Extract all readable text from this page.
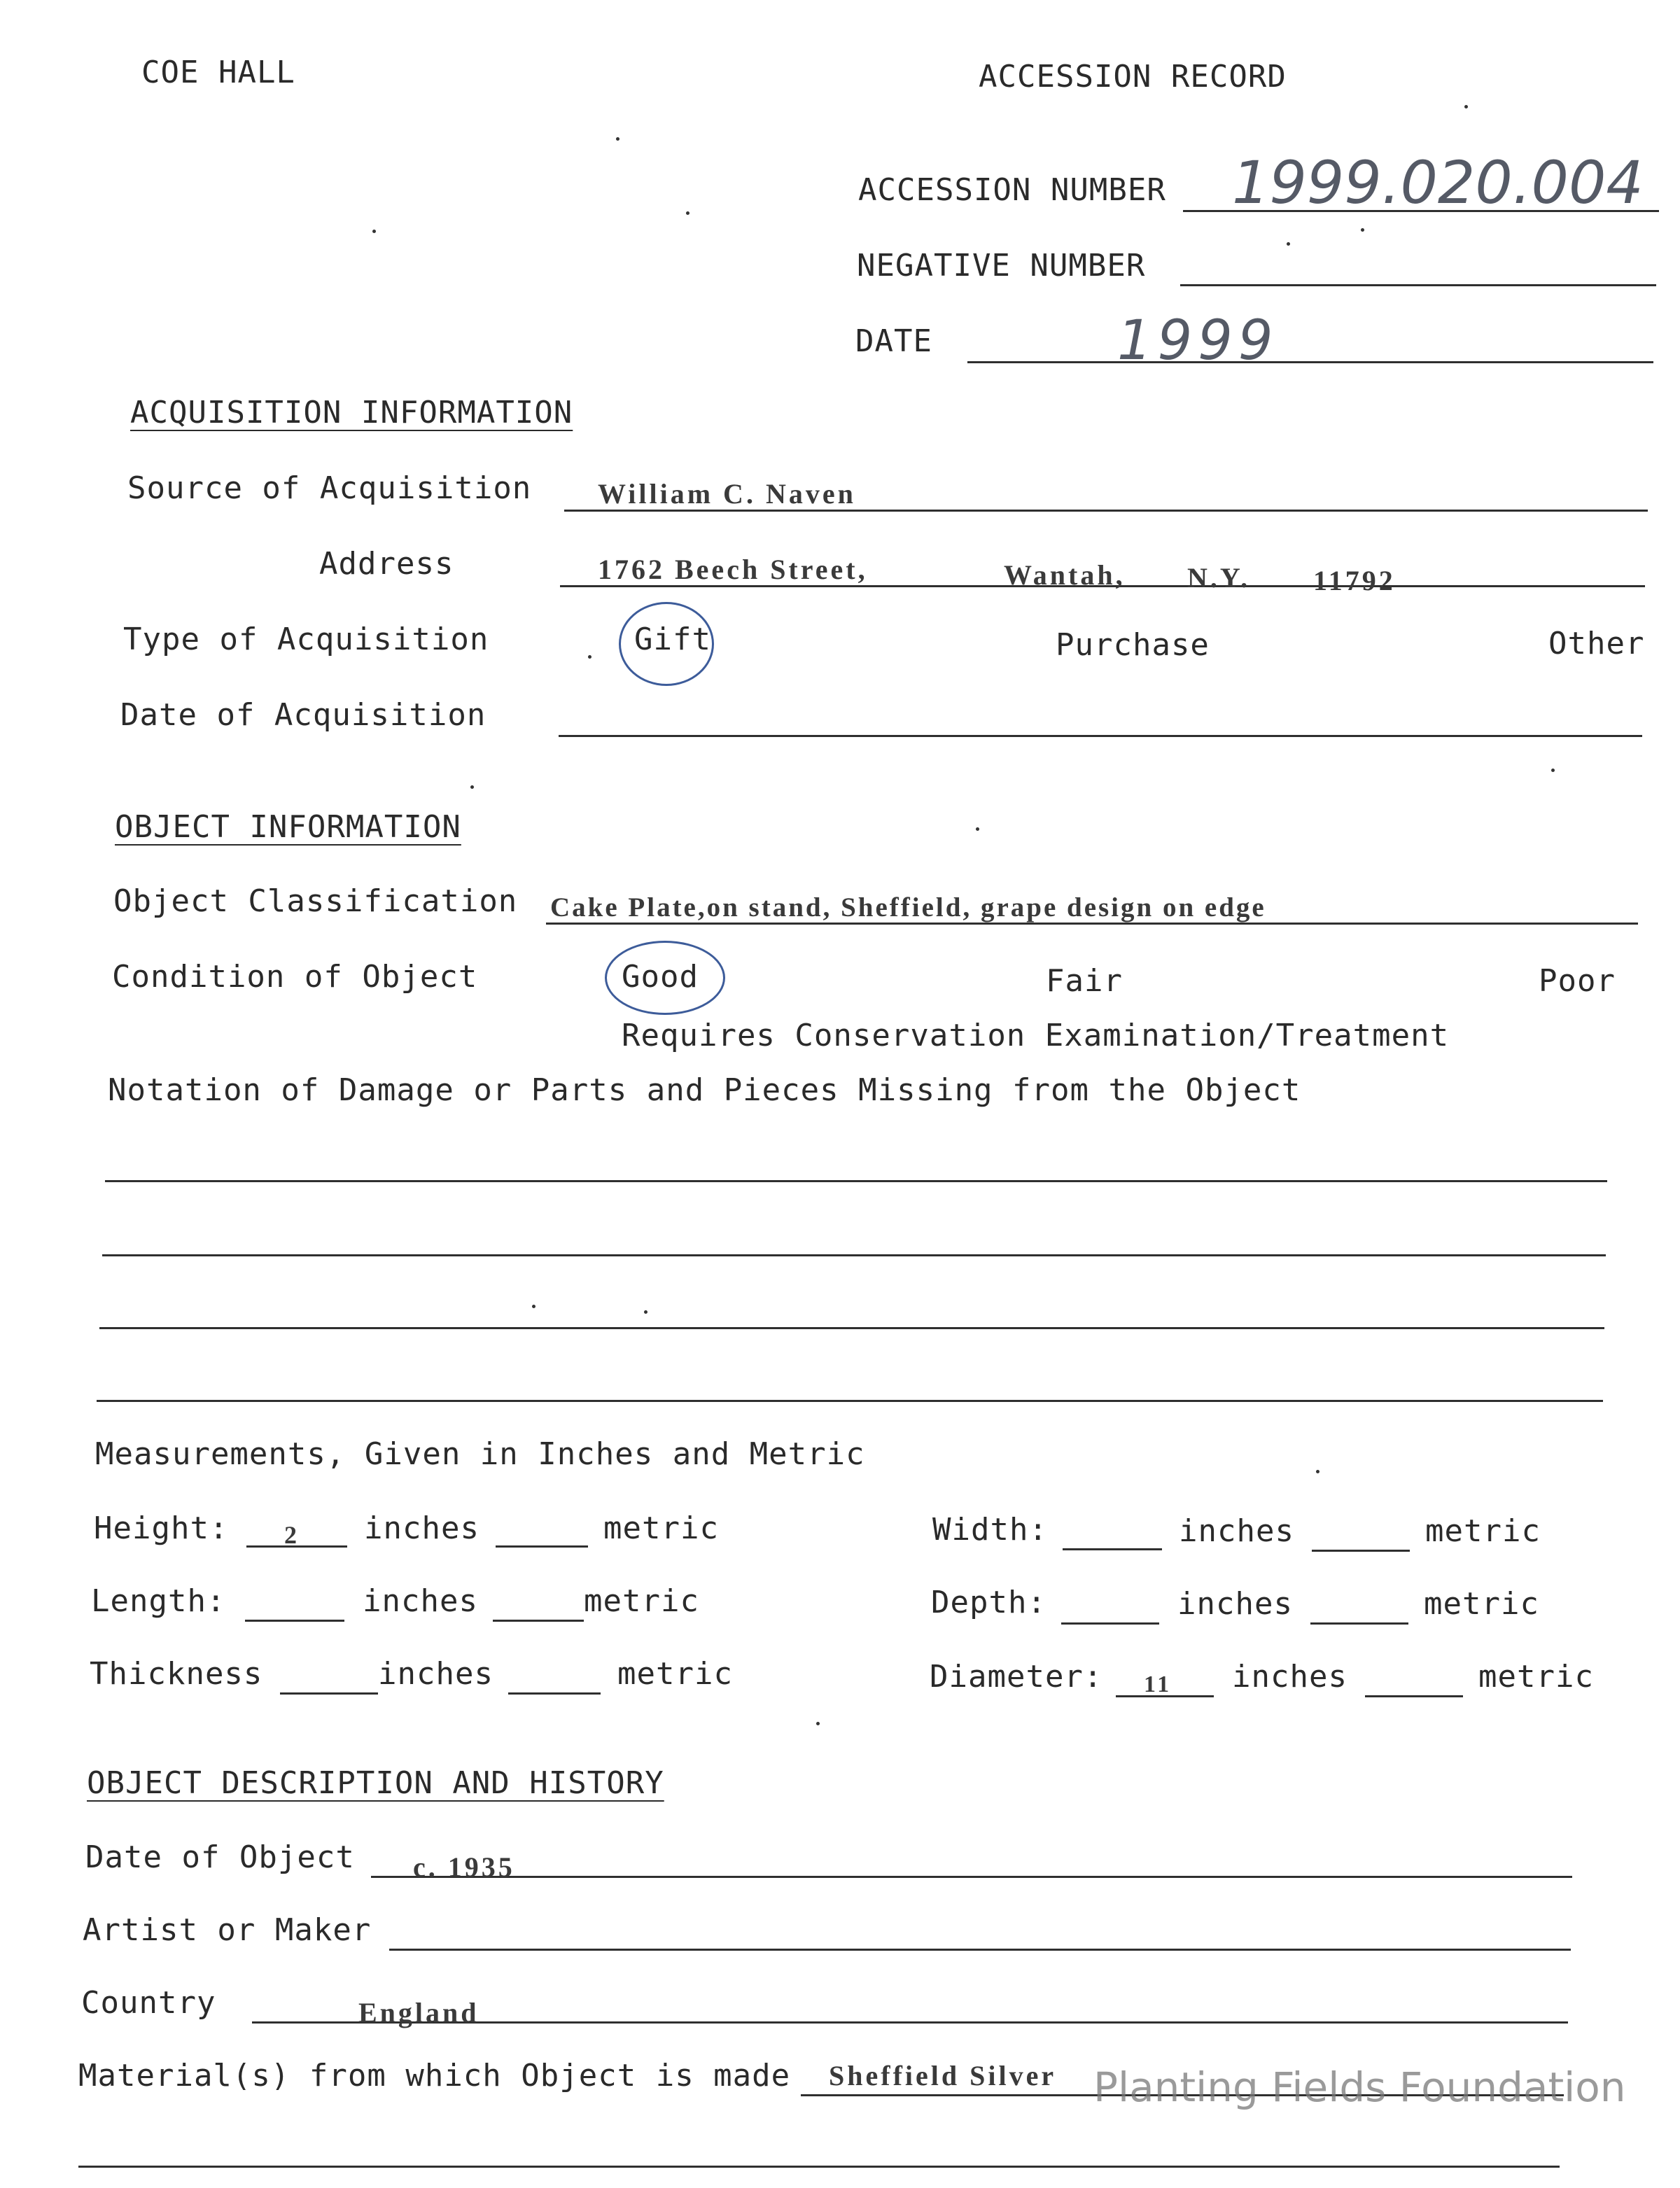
COE HALL	ACCESSION RECORD
ACCESSION NUMBER 1999.020.004
NEGATIVE NUMBER
DATE	1999
ACQUISITION INFORMATION
Source of Acquisition William C. Naven
Address	1762 Beech Street,	Wantah, N.Y. 11792
Type of Acquisition	Gift	Purchase	Other
Date of Acquisition
OBJECT INFORMATION
Object Classification Cake Plate,on stand, Sheffield, grape design on edge
Condition of Object	Good	Fair	Poor
Requires Conservation Examination/Treatment
Notation of Damage or Parts and Pieces Missing from the Object
Measurements, Given in Inches and Metric
Height: 2 inches	metric
Length:	inches	metric
Thickness	inches	metric
Width:	inches	metric
Depth:	inches	metric
Diameter: 11 inches	metric
OBJECT DESCRIPTION AND HISTORY
Date of Object c. 1935
Artist or Maker
Country	England
Material(s) from which Object is made Sheffield Silver Planting Fields Foundation
